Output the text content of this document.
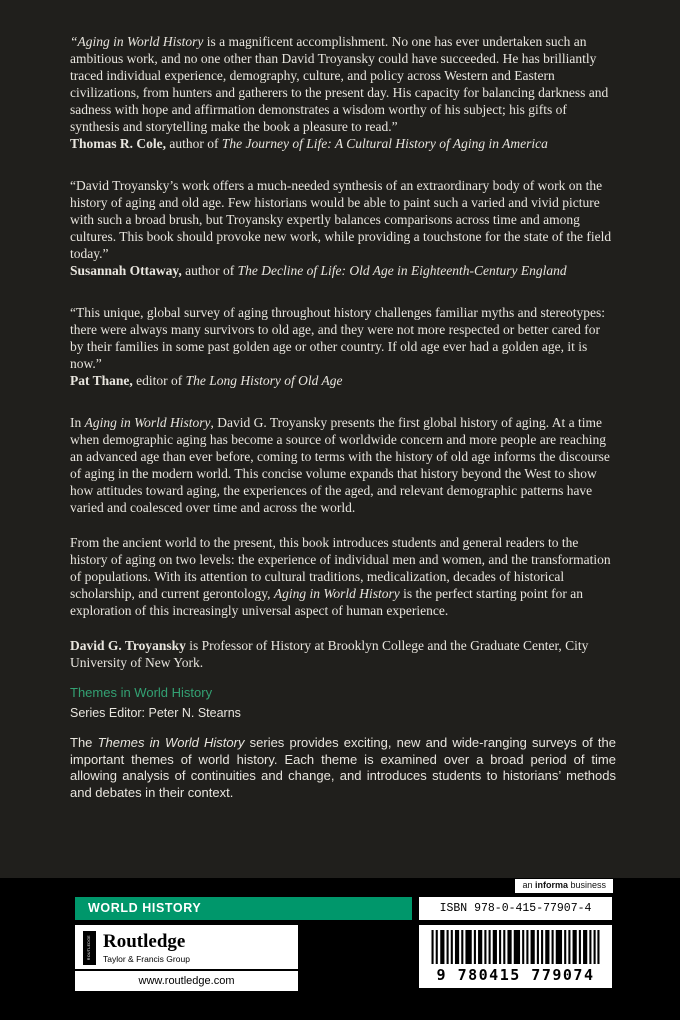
“Aging in World History is a magnificent accomplishment. No one has ever undertaken such an ambitious work, and no one other than David Troyansky could have succeeded. He has brilliantly traced individual experience, demography, culture, and policy across Western and Eastern civilizations, from hunters and gatherers to the present day. His capacity for balancing darkness and sadness with hope and affirmation demonstrates a wisdom worthy of his subject; his gifts of synthesis and storytelling make the book a pleasure to read.”

Thomas R. Cole, author of The Journey of Life: A Cultural History of Aging in America

“David Troyansky’s work offers a much-needed synthesis of an extraordinary body of work on the history of aging and old age. Few historians would be able to paint such a varied and vivid picture with such a broad brush, but Troyansky expertly balances comparisons across time and among cultures. This book should provoke new work, while providing a touchstone for the state of the field today.”

Susannah Ottaway, author of The Decline of Life: Old Age in Eighteenth-Century England

“This unique, global survey of aging throughout history challenges familiar myths and stereotypes: there were always many survivors to old age, and they were not more respected or better cared for by their families in some past golden age or other country. If old age ever had a golden age, it is now.”

Pat Thane, editor of The Long History of Old Age

In Aging in World History, David G. Troyansky presents the first global history of aging. At a time when demographic aging has become a source of worldwide concern and more people are reaching an advanced age than ever before, coming to terms with the history of old age informs the discourse of aging in the modern world. This concise volume expands that history beyond the West to show how attitudes toward aging, the experiences of the aged, and relevant demographic patterns have varied and coalesced over time and across the world.

From the ancient world to the present, this book introduces students and general readers to the history of aging on two levels: the experience of individual men and women, and the transformation of populations. With its attention to cultural traditions, medicalization, decades of historical scholarship, and current gerontology, Aging in World History is the perfect starting point for an exploration of this increasingly universal aspect of human experience.

David G. Troyansky is Professor of History at Brooklyn College and the Graduate Center, City University of New York.

Themes in World History

Series Editor: Peter N. Stearns

The Themes in World History series provides exciting, new and wide-ranging surveys of the important themes of world history. Each theme is examined over a broad period of time allowing analysis of continuities and change, and introduces students to historians’ methods and debates in their context.

an informa business
WORLD HISTORY	ISBN 978-0-415-77907-4
ROUTLEDGE Routledge
Taylor & Francis Group
www.routledge.com	9 780415 779074
